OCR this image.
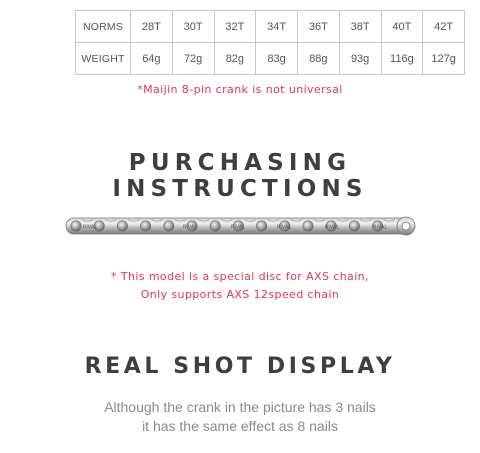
NORMS	28T	30T	32T	34T	36T	38T	40T	42T
WEIGHT	64g	72g	82g	83g	88g	93g	116g	127g
*Maijin 8-pin crank is not universal
PURCHASING INSTRUCTIONS
RIVAL	RIVAL	RIVAL	RIVAL	RIVAL	RIVAL
* This model is a special disc for AXS chain,
Only supports AXS 12speed chain
REAL SHOT DISPLAY
Although the crank in the picture has 3 nails
it has the same effect as 8 nails
